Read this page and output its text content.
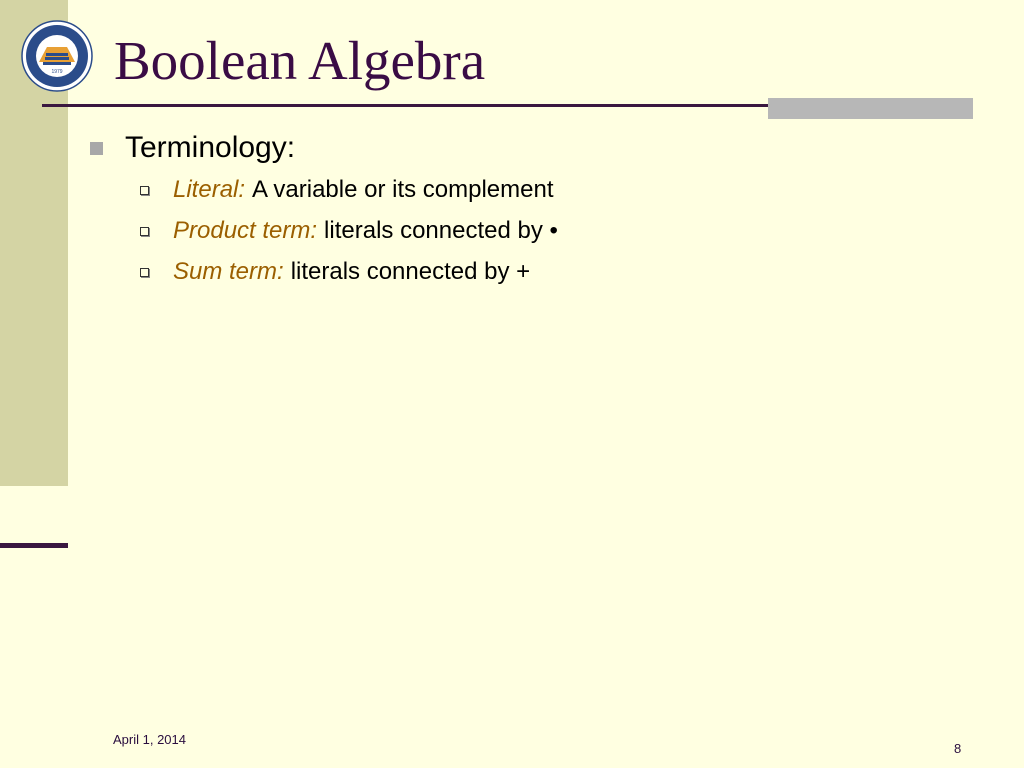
1979 Boolean Algebra
Terminology:
Literal: A variable or its complement
Product term: literals connected by •
Sum term: literals connected by +
April 1, 2014
8
